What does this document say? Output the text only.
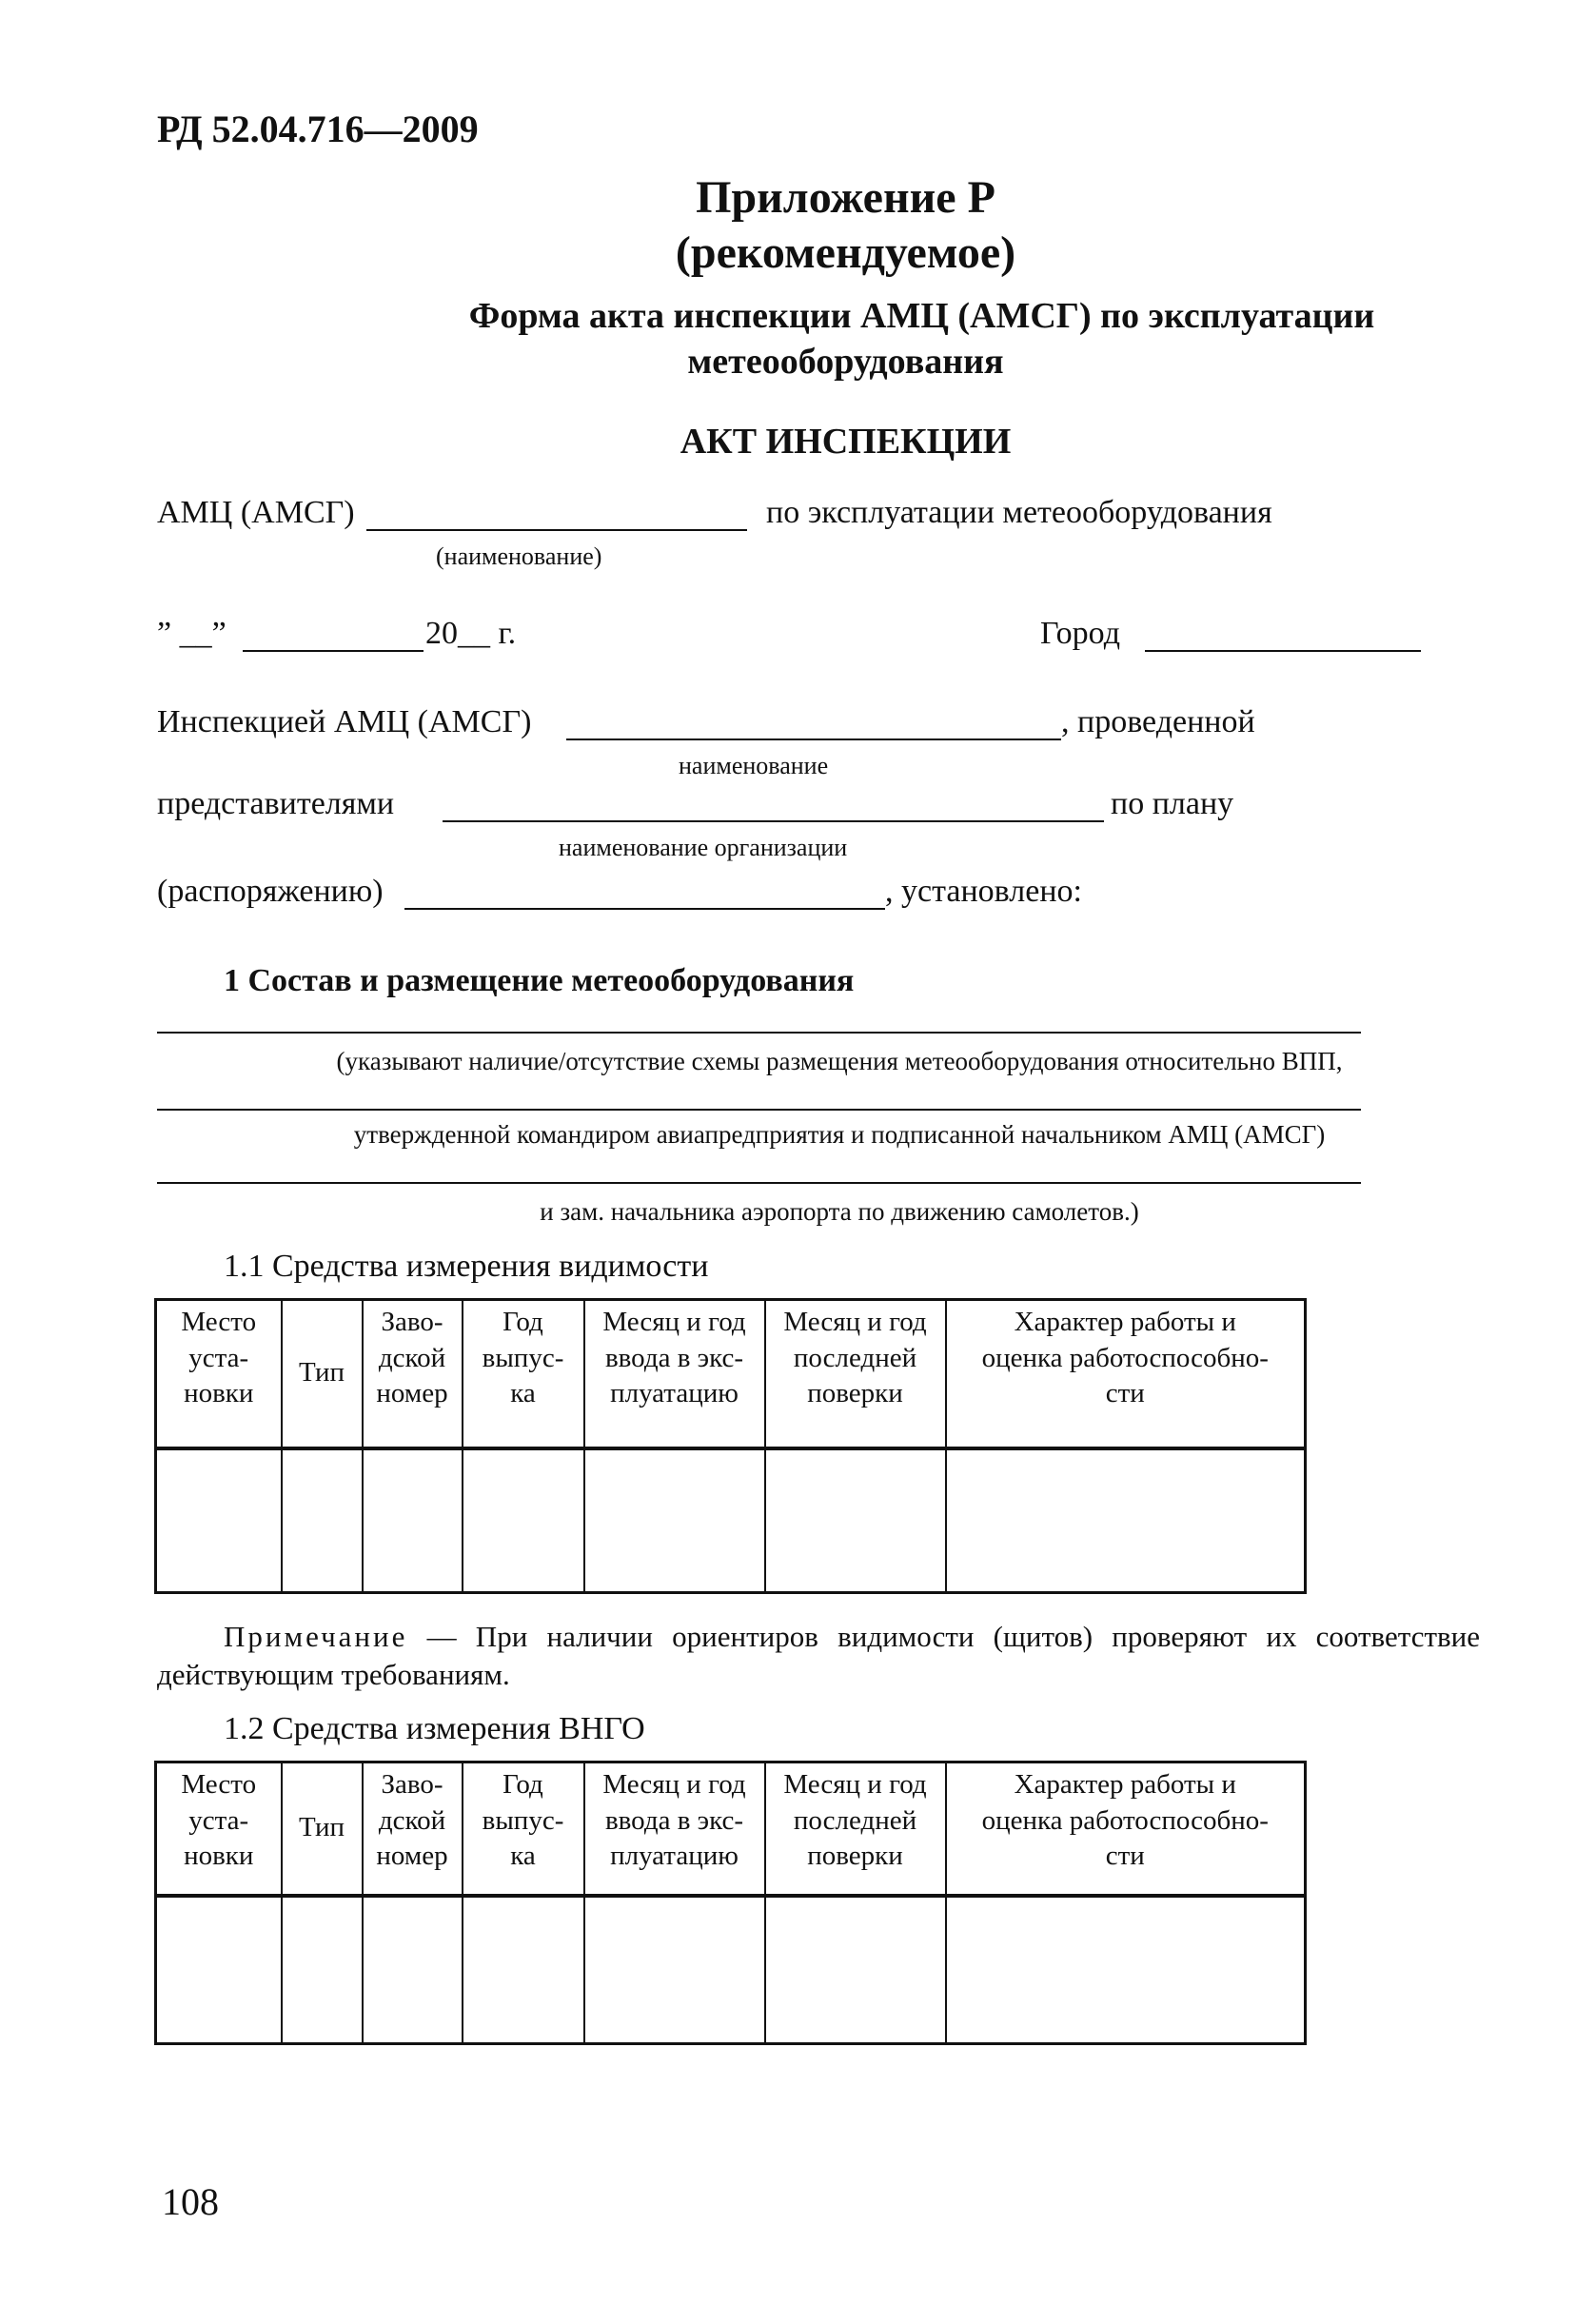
РД 52.04.716—2009
Приложение Р
(рекомендуемое)
Форма акта инспекции АМЦ (АМСГ) по эксплуатации
метеооборудования
АКТ ИНСПЕКЦИИ
АМЦ (АМСГ)	по эксплуатации метеооборудования
(наименование)
” __”	20__ г.	Город
Инспекцией АМЦ (АМСГ)	, проведенной
наименование
представителями	по плану
наименование организации
(распоряжению)	, установлено:
1 Состав и размещение метеооборудования
(указывают наличие/отсутствие схемы размещения метеооборудования относительно ВПП,
утвержденной командиром авиапредприятия и подписанной начальником АМЦ (АМСГ)
и зам. начальника аэропорта по движению самолетов.)
1.1 Средства измерения видимости
Место
уста-
новки	Тип	Заво-
дской
номер	Год
выпус-
ка	Месяц и год
ввода в экс-
плуатацию	Месяц и год
последней
поверки	Характер работы и
оценка работоспособно-
сти

Примечание — При наличии ориентиров видимости (щитов) проверяют их соответствие действующим требованиям.
1.2 Средства измерения ВНГО
Место
уста-
новки	Тип	Заво-
дской
номер	Год
выпус-
ка	Месяц и год
ввода в экс-
плуатацию	Месяц и год
последней
поверки	Характер работы и
оценка работоспособно-
сти

108
